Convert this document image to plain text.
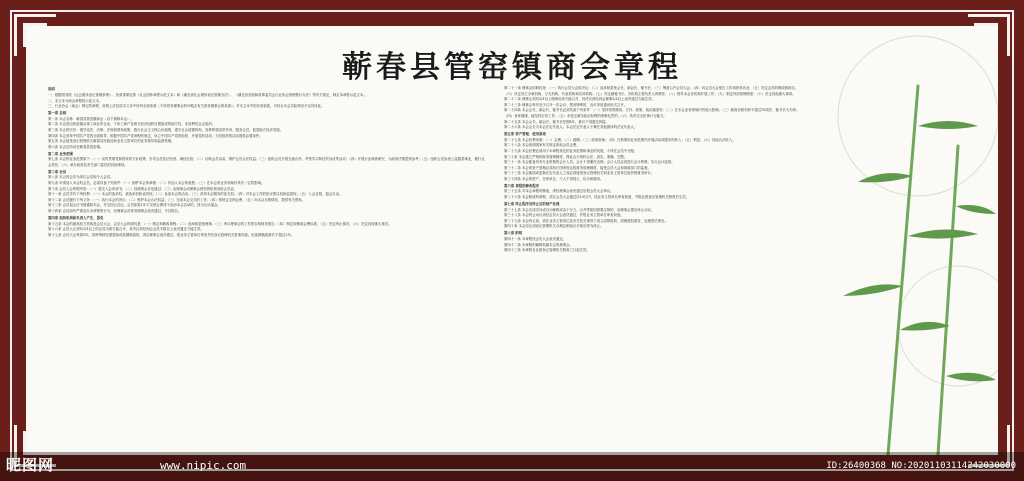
蕲春县管窑镇商会章程

说明

一、根据国务院《社会团体登记管理条例》、民政部制定的《社会团体章程示范文本》和《湖北省社会团体登记管理办法》、《湖北省发展和改革委员会行业协会管理暂行办法》等有关规定，制定本章程示范文本。

二、本文本为商会章程的示范文本。

三、行业协会（商会）制定的章程，原则上应包括本文本中所列全部条款（不设常务理事会的可略去有关常务理事会的条款）；对本文本中的各项条款，可结合本会实际情况予以具体化。

第一章 总则

第一条 本会名称：蕲春县管窑镇商会（以下简称本会）。

第二条 本会是由管窑镇从事工商业的企业、个体工商户及相关经济组织自愿组成的地方性、非营利性社会组织。

第三条 本会的宗旨：遵守宪法、法律、法规和国家政策，践行社会主义核心价值观，遵守社会道德风尚，发挥桥梁纽带作用，服务会员，促进地方经济发展。

第四条 本会坚持中国共产党的全面领导，根据中国共产党章程的规定，设立中国共产党的组织，开展党的活动，为党组织的活动提供必要条件。

第五条 本会接受登记管理机关蕲春县民政局和业务主管单位的业务指导和监督管理。

第六条 本会住所设在蕲春县管窑镇。

第二章 业务范围

第七条 本会的业务范围如下：（一）宣传贯彻党和国家的方针政策，引导会员依法经营、诚信经营；（二）反映会员诉求，维护会员合法权益；（三）组织会员开展交流合作、考察学习和经贸洽谈等活动；（四）开展行业调查研究，为政府决策提供参考；（五）组织会员参加公益慈善事业，履行社会责任；（六）承办政府及有关部门委托的其他事项。

第三章 会员

第八条 本会的会员为单位会员和个人会员。

第九条 申请加入本会的会员，必须具备下列条件：（一）拥护本会的章程；（二）有加入本会的意愿；（三）在本会的业务领域内具有一定的影响。

第十条 会员入会的程序是：（一）提交入会申请书；（二）经理事会讨论通过；（三）由理事会或理事会授权的机构发给会员证。

第十一条 会员享有下列权利：（一）本会的选举权、被选举权和表决权；（二）参加本会的活动；（三）获得本会服务的优先权；（四）对本会工作的批评建议权和监督权；（五）入会自愿、退会自由。

第十二条 会员履行下列义务：（一）执行本会的决议；（二）维护本会合法权益；（三）完成本会交办的工作；（四）按规定交纳会费；（五）向本会反映情况，提供有关资料。

第十三条 会员退会应书面通知本会，并交回会员证。会员如果1年不交纳会费或不参加本会活动的，视为自动退会。

第十四条 会员如有严重违反本章程的行为，经理事会或常务理事会表决通过，予以除名。

第四章 组织机构和负责人产生、罢免

第十五条 本会的最高权力机构是会员大会，会员大会的职权是：（一）制定和修改章程；（二）选举和罢免理事；（三）审议理事会的工作报告和财务报告；（四）制定和修改会费标准；（五）决定终止事宜；（六）决定其他重大事宜。

第十六条 会员大会须有2/3以上的会员出席方能召开，其决议须经到会会员半数以上表决通过方能生效。

第十七条 会员大会每届5年。因特殊情况需提前或延期换届的，须由理事会表决通过，报业务主管单位审查并经登记管理机关批准同意。但延期换届最长不超过1年。

第二十一条 理事会的职权是：（一）执行会员大会的决议；（二）选举和罢免会长、副会长、秘书长；（三）筹备召开会员大会；（四）向会员大会报告工作和财务状况；（五）决定会员的吸收和除名；（六）决定设立办事机构、分支机构、代表机构和实体机构；（七）决定副秘书长、各机构主要负责人的聘任；（八）领导本会各机构开展工作；（九）制定内部管理制度；（十）决定其他重大事项。

第二十二条 理事会须有2/3以上理事出席方能召开，其决议须经到会理事2/3以上表决通过方能生效。

第二十三条 理事会每年至少召开一次会议；情况特殊的，也可采用通讯形式召开。

第二十四条 本会会长、副会长、秘书长必须具备下列条件：（一）坚持党的路线、方针、政策，政治素质好；（二）在本会业务领域内有较大影响；（三）最高任职年龄不超过70周岁，秘书长为专职；（四）身体健康，能坚持正常工作；（五）未受过剥夺政治权利的刑事处罚的；（六）具有完全民事行为能力。

第二十五条 本会会长、副会长、秘书长任期5年，最长不得超过两届。

第二十六条 本会会长为本会法定代表人。本会法定代表人不兼任其他团体的法定代表人。

第五章 资产管理、使用原则

第二十七条 本会经费来源：（一）会费；（二）捐赠；（三）政府资助；（四）在核准的业务范围内开展活动或服务的收入；（五）利息；（六）其他合法收入。

第二十八条 本会按照国家有关规定收取会员会费。

第二十九条 本会经费必须用于本章程规定的业务范围和事业的发展，不得在会员中分配。

第三十条 本会建立严格的财务管理制度，保证会计资料合法、真实、准确、完整。

第三十一条 本会配备具有专业资格的会计人员。会计不得兼任出纳。会计人员必须进行会计核算，实行会计监督。

第三十二条 本会的资产管理必须执行国家规定的财务管理制度，接受会员大会和财政部门的监督。

第三十三条 本会换届或更换法定代表人之前必须接受登记管理机关和业务主管单位组织的财务审计。

第三十四条 本会的资产，任何单位、个人不得侵占、私分和挪用。

第六章 章程的修改程序

第三十五条 对本会章程的修改，须经理事会表决通过后报会员大会审议。

第三十六条 本会修改的章程，须在会员大会通过后15日内，经业务主管单位审查同意，并报社团登记管理机关核准后生效。

第七章 终止程序及终止后的财产处理

第三十七条 本会完成宗旨或自行解散或由于分立、合并等原因需要注销的，由理事会提出终止动议。

第三十八条 本会终止动议须经会员大会表决通过，并报业务主管单位审查同意。

第三十九条 本会终止前，须在业务主管单位及有关机关指导下成立清算组织，清理债权债务，处理善后事宜。

第四十条 本会经社团登记管理机关办理注销登记手续后即为终止。

第八章 附则

第四十一条 本章程经会员大会表决通过。

第四十二条 本章程的解释权属本会的理事会。

第四十三条 本章程自社团登记管理机关核准之日起生效。

昵图网	www.nipic.com	ID:26400368 NO:20201103114242030000
